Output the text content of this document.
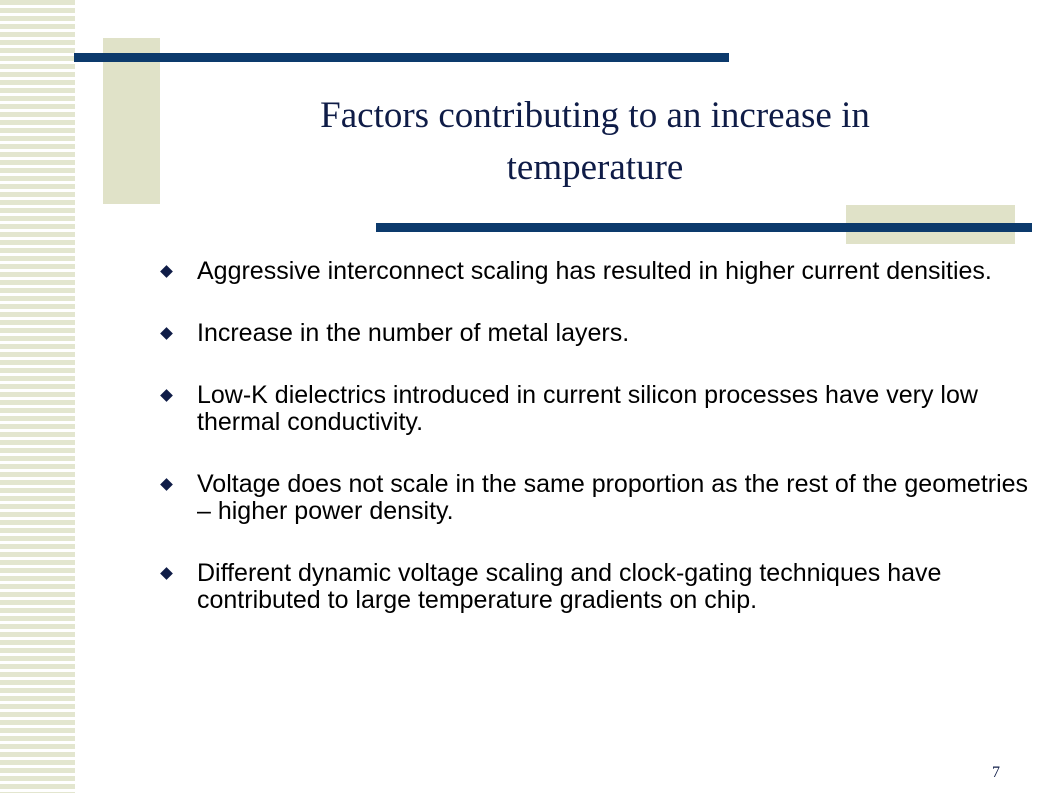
Factors contributing to an increase in temperature
Aggressive interconnect scaling has resulted in higher current densities.
Increase in the number of metal layers.
Low-K dielectrics introduced in current silicon processes have very low thermal conductivity.
Voltage does not scale in the same proportion as the rest of the geometries – higher power density.
Different dynamic voltage scaling and clock-gating techniques have contributed to large temperature gradients on chip.
7
